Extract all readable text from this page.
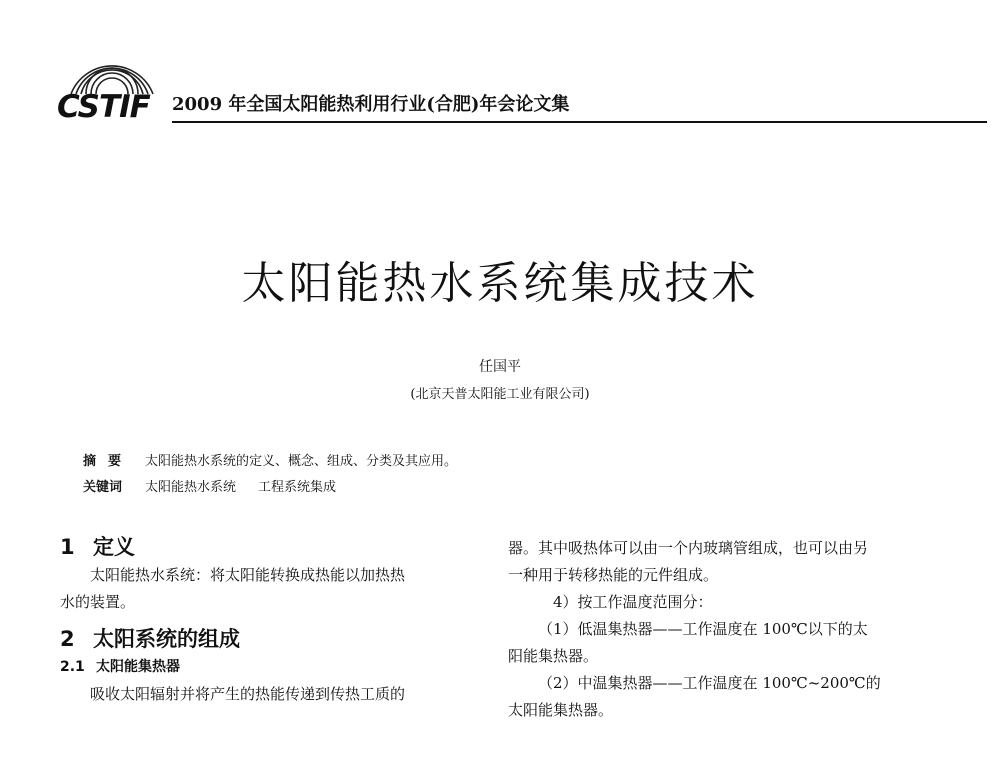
CSTIF 2009 年全国太阳能热利用行业(合肥)年会论文集
太阳能热水系统集成技术
任国平
(北京天普太阳能工业有限公司)
摘要 太阳能热水系统的定义、概念、组成、分类及其应用。
关键词 太阳能热水系统 工程系统集成
1 定义
太阳能热水系统：将太阳能转换成热能以加热热
水的装置。
2 太阳系统的组成
2.1 太阳能集热器
吸收太阳辐射并将产生的热能传递到传热工质的
器。其中吸热体可以由一个内玻璃管组成，也可以由另
一种用于转移热能的元件组成。
4）按工作温度范围分：
（1）低温集热器——工作温度在 100℃以下的太
阳能集热器。
（2）中温集热器——工作温度在 100℃~200℃的
太阳能集热器。
